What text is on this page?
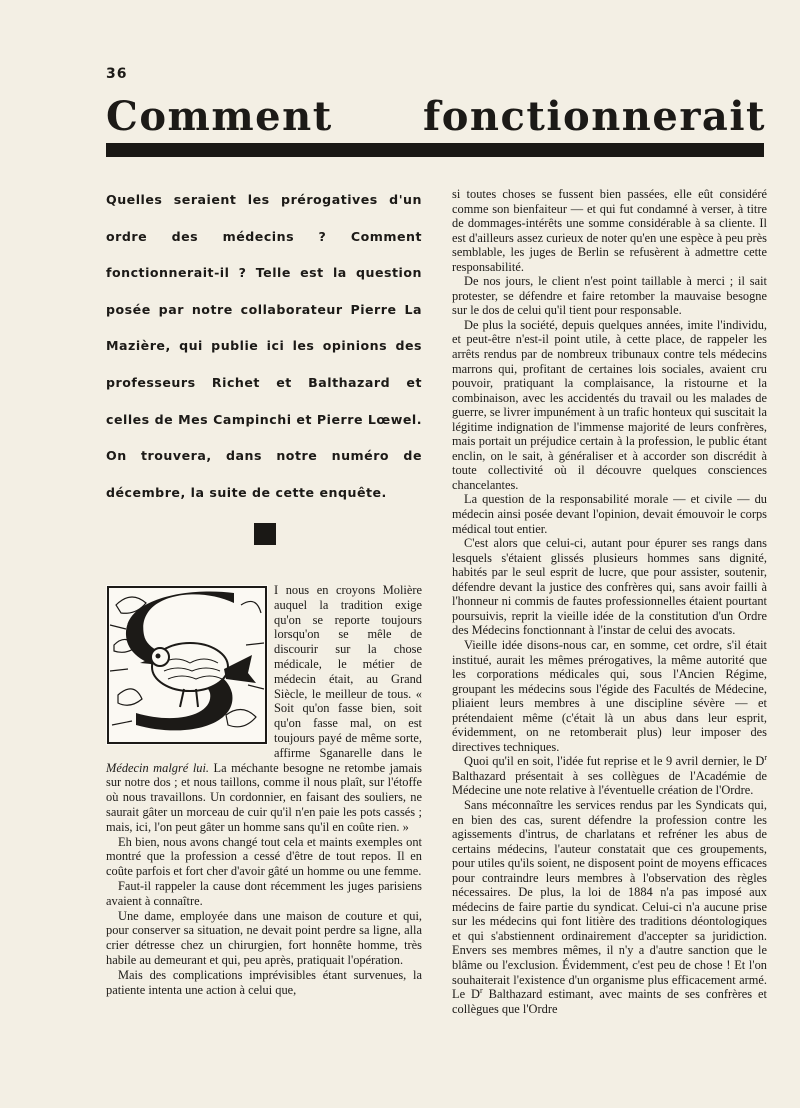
36
Comment fonctionnerait
Quelles seraient les prérogatives d'un ordre des médecins ? Comment fonctionnerait-il ? Telle est la question posée par notre collaborateur Pierre La Mazière, qui publie ici les opinions des professeurs Richet et Balthazard et celles de Mes Campinchi et Pierre Lœwel. On trouvera, dans notre numéro de décembre, la suite de cette enquête.

I nous en croyons Molière auquel la tradition exige qu'on se reporte toujours lorsqu'on se mêle de discourir sur la chose médicale, le métier de médecin était, au Grand Siècle, le meilleur de tous. « Soit qu'on fasse bien, soit qu'on fasse mal, on est toujours payé de même sorte, affirme Sganarelle dans le Médecin malgré lui. La méchante besogne ne retombe jamais sur notre dos ; et nous taillons, comme il nous plaît, sur l'étoffe où nous travaillons. Un cordonnier, en faisant des souliers, ne saurait gâter un morceau de cuir qu'il n'en paie les pots cassés ; mais, ici, l'on peut gâter un homme sans qu'il en coûte rien. »

Eh bien, nous avons changé tout cela et maints exemples ont montré que la profession a cessé d'être de tout repos. Il en coûte parfois et fort cher d'avoir gâté un homme ou une femme.

Faut-il rappeler la cause dont récemment les juges parisiens avaient à connaître.

Une dame, employée dans une maison de couture et qui, pour conserver sa situation, ne devait point perdre sa ligne, alla crier détresse chez un chirurgien, fort honnête homme, très habile au demeurant et qui, peu après, pratiquait l'opération.

Mais des complications imprévisibles étant survenues, la patiente intenta une action à celui que,

si toutes choses se fussent bien passées, elle eût considéré comme son bienfaiteur — et qui fut condamné à verser, à titre de dommages-intérêts une somme considérable à sa cliente. Il est d'ailleurs assez curieux de noter qu'en une espèce à peu près semblable, les juges de Berlin se refusèrent à admettre cette responsabilité.

De nos jours, le client n'est point taillable à merci ; il sait protester, se défendre et faire retomber la mauvaise besogne sur le dos de celui qu'il tient pour responsable.

De plus la société, depuis quelques années, imite l'individu, et peut-être n'est-il point utile, à cette place, de rappeler les arrêts rendus par de nombreux tribunaux contre tels médecins marrons qui, profitant de certaines lois sociales, avaient cru pouvoir, pratiquant la complaisance, la ristourne et la combinaison, avec les accidentés du travail ou les malades de guerre, se livrer impunément à un trafic honteux qui suscitait la légitime indignation de l'immense majorité de leurs confrères, mais portait un préjudice certain à la profession, le public étant enclin, on le sait, à généraliser et à accorder son discrédit à toute collectivité où il découvre quelques consciences chancelantes.

La question de la responsabilité morale — et civile — du médecin ainsi posée devant l'opinion, devait émouvoir le corps médical tout entier.

C'est alors que celui-ci, autant pour épurer ses rangs dans lesquels s'étaient glissés plusieurs hommes sans dignité, habités par le seul esprit de lucre, que pour assister, soutenir, défendre devant la justice des confrères qui, sans avoir failli à l'honneur ni commis de fautes professionnelles étaient pourtant poursuivis, reprit la vieille idée de la constitution d'un Ordre des Médecins fonctionnant à l'instar de celui des avocats.

Vieille idée disons-nous car, en somme, cet ordre, s'il était institué, aurait les mêmes prérogatives, la même autorité que les corporations médicales qui, sous l'Ancien Régime, groupant les médecins sous l'égide des Facultés de Médecine, pliaient leurs membres à une discipline sévère — et prétendaient même (c'était là un abus dans leur esprit, évidemment, on ne retomberait plus) leur imposer des directives techniques.

Quoi qu'il en soit, l'idée fut reprise et le 9 avril dernier, le $D^r$ Balthazard présentait à ses collègues de l'Académie de Médecine une note relative à l'éventuelle création de l'Ordre.

Sans méconnaître les services rendus par les Syndicats qui, en bien des cas, surent défendre la profession contre les agissements d'intrus, de charlatans et refréner les abus de certains médecins, l'auteur constatait que ces groupements, pour utiles qu'ils soient, ne disposent point de moyens efficaces pour contraindre leurs membres à l'observation des règles nécessaires. De plus, la loi de 1884 n'a pas imposé aux médecins de faire partie du syndicat. Celui-ci n'a aucune prise sur les médecins qui font litière des traditions déontologiques et qui s'abstiennent ordinairement d'accepter sa juridiction. Envers ses membres mêmes, il n'y a d'autre sanction que le blâme ou l'exclusion. Évidemment, c'est peu de chose ! Et l'on souhaiterait l'existence d'un organisme plus efficacement armé. Le $D^r$ Balthazard estimant, avec maints de ses confrères et collègues que l'Ordre
